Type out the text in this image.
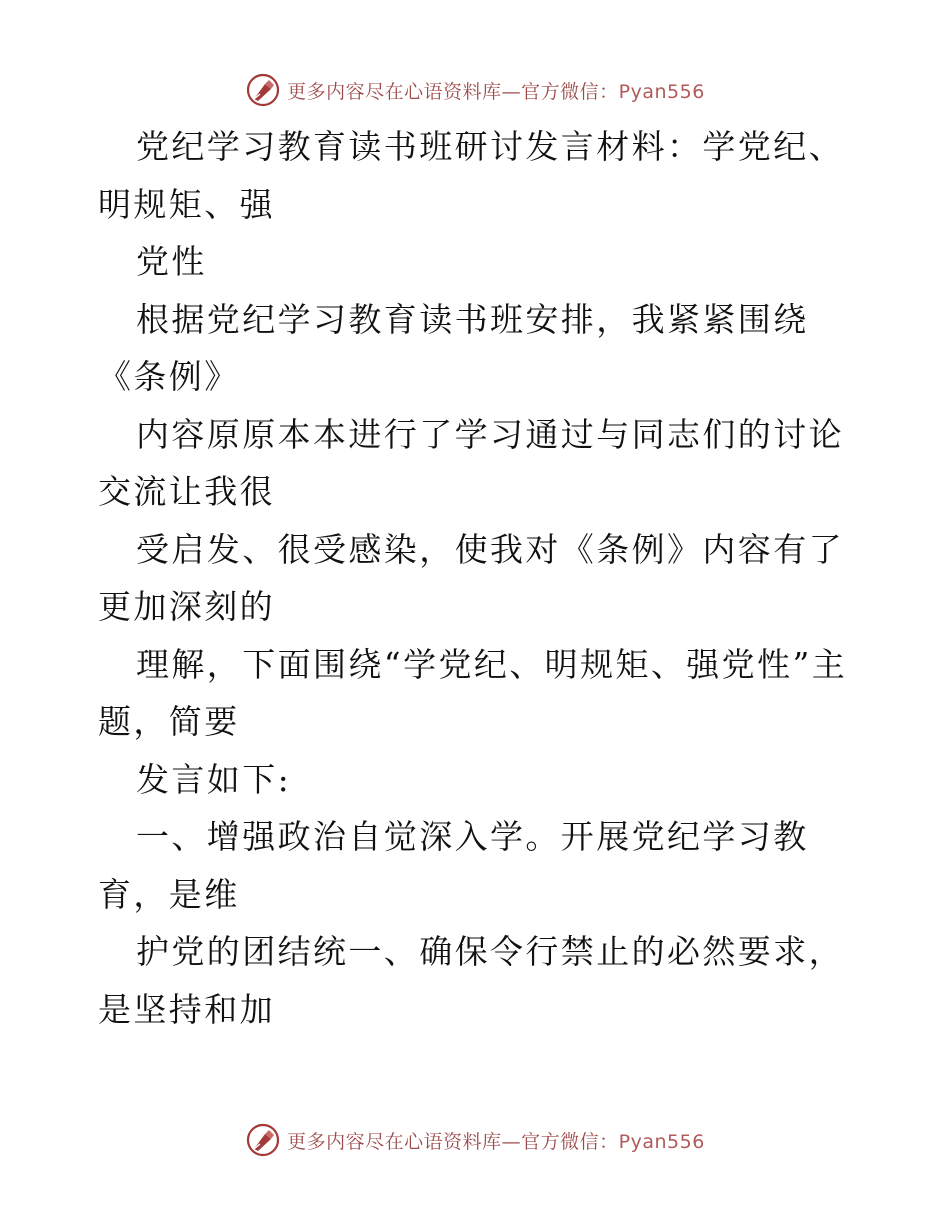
更多内容尽在心语资料库—官方微信：Pyan556

党纪学习教育读书班研讨发言材料：学党纪、明规矩、强

党性

根据党纪学习教育读书班安排，我紧紧围绕《条例》

内容原原本本进行了学习通过与同志们的讨论交流让我很

受启发、很受感染，使我对《条例》内容有了更加深刻的

理解，下面围绕“学党纪、明规矩、强党性”主题，简要

发言如下:

一、增强政治自觉深入学。开展党纪学习教育，是维

护党的团结统一、确保令行禁止的必然要求，是坚持和加

更多内容尽在心语资料库—官方微信：Pyan556
